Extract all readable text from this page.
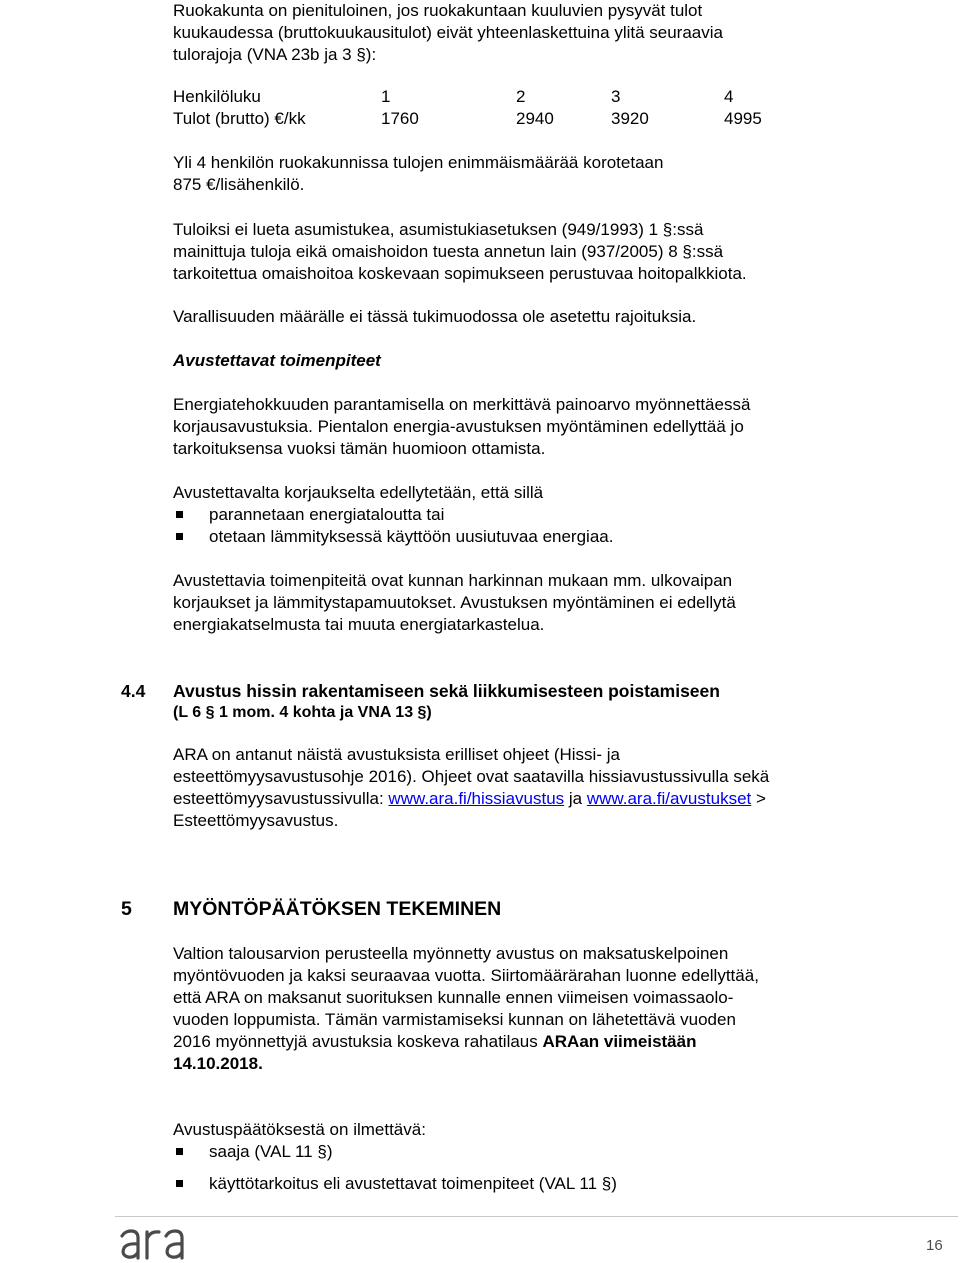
Ruokakunta on pienituloinen, jos ruokakuntaan kuuluvien pysyvät tulot
kuukaudessa (bruttokuukausitulot) eivät yhteenlaskettuina ylitä seuraavia
tulorajoja (VNA 23b ja 3 §):

Henkilöluku	1	2	3	4
Tulot (brutto) €/kk	1760	2940	3920	4995

Yli 4 henkilön ruokakunnissa tulojen enimmäismäärää korotetaan
875 €/lisähenkilö.

Tuloiksi ei lueta asumistukea, asumistukiasetuksen (949/1993) 1 §:ssä
mainittuja tuloja eikä omaishoidon tuesta annetun lain (937/2005) 8 §:ssä
tarkoitettua omaishoitoa koskevaan sopimukseen perustuvaa hoitopalkkiota.

Varallisuuden määrälle ei tässä tukimuodossa ole asetettu rajoituksia.

Avustettavat toimenpiteet

Energiatehokkuuden parantamisella on merkittävä painoarvo myönnettäessä
korjausavustuksia. Pientalon energia-avustuksen myöntäminen edellyttää jo
tarkoituksensa vuoksi tämän huomioon ottamista.

Avustettavalta korjaukselta edellytetään, että sillä

parannetaan energiataloutta tai
otetaan lämmityksessä käyttöön uusiutuvaa energiaa.

Avustettavia toimenpiteitä ovat kunnan harkinnan mukaan mm. ulkovaipan
korjaukset ja lämmitystapamuutokset. Avustuksen myöntäminen ei edellytä
energiakatselmusta tai muuta energiatarkastelua.

4.4 Avustus hissin rakentamiseen sekä liikkumisesteen poistamiseen
(L 6 § 1 mom. 4 kohta ja VNA 13 §)

ARA on antanut näistä avustuksista erilliset ohjeet (Hissi- ja
esteettömyysavustusohje 2016). Ohjeet ovat saatavilla hissiavustussivulla sekä
esteettömyysavustussivulla: www.ara.fi/hissiavustus ja www.ara.fi/avustukset >
Esteettömyysavustus.

5 MYÖNTÖPÄÄTÖKSEN TEKEMINEN

Valtion talousarvion perusteella myönnetty avustus on maksatuskelpoinen
myöntövuoden ja kaksi seuraavaa vuotta. Siirtomäärärahan luonne edellyttää,
että ARA on maksanut suorituksen kunnalle ennen viimeisen voimassaolo-
vuoden loppumista. Tämän varmistamiseksi kunnan on lähetettävä vuoden
2016 myönnettyjä avustuksia koskeva rahatilaus ARAan viimeistään
14.10.2018.

Avustuspäätöksestä on ilmettävä:

saaja (VAL 11 §)
käyttötarkoitus eli avustettavat toimenpiteet (VAL 11 §)
16
